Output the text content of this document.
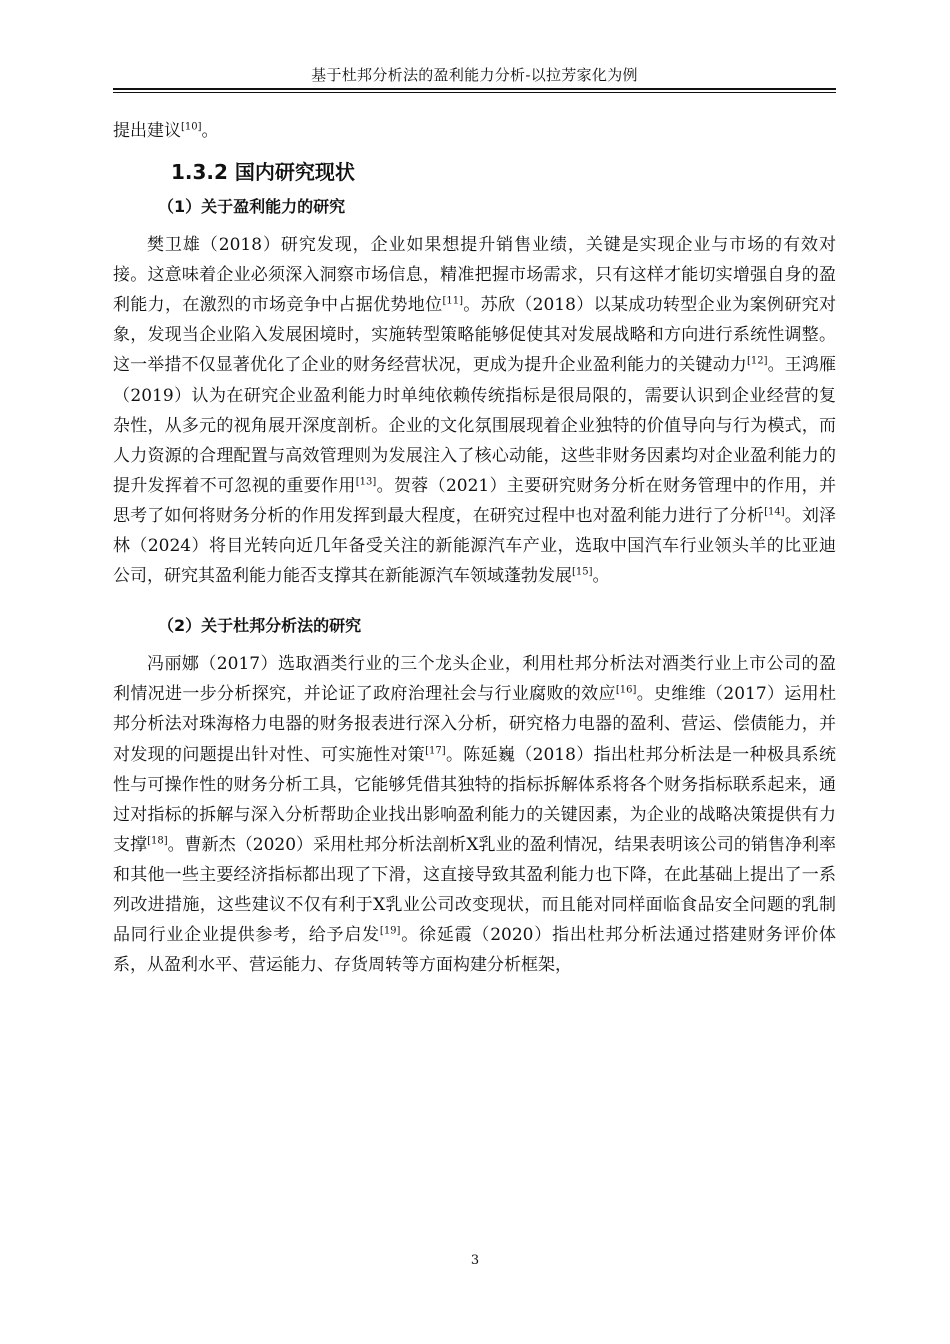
基于杜邦分析法的盈利能力分析-以拉芳家化为例

提出建议[10]。

1.3.2 国内研究现状
（1）关于盈利能力的研究

樊卫雄（2018）研究发现，企业如果想提升销售业绩，关键是实现企业与市场的有效对接。这意味着企业必须深入洞察市场信息，精准把握市场需求，只有这样才能切实增强自身的盈利能力，在激烈的市场竞争中占据优势地位[11]。苏欣（2018）以某成功转型企业为案例研究对象，发现当企业陷入发展困境时，实施转型策略能够促使其对发展战略和方向进行系统性调整。这一举措不仅显著优化了企业的财务经营状况，更成为提升企业盈利能力的关键动力[12]。王鸿雁（2019）认为在研究企业盈利能力时单纯依赖传统指标是很局限的，需要认识到企业经营的复杂性，从多元的视角展开深度剖析。企业的文化氛围展现着企业独特的价值导向与行为模式，而人力资源的合理配置与高效管理则为发展注入了核心动能，这些非财务因素均对企业盈利能力的提升发挥着不可忽视的重要作用[13]。贺蓉（2021）主要研究财务分析在财务管理中的作用，并思考了如何将财务分析的作用发挥到最大程度，在研究过程中也对盈利能力进行了分析[14]。刘泽林（2024）将目光转向近几年备受关注的新能源汽车产业，选取中国汽车行业领头羊的比亚迪公司，研究其盈利能力能否支撑其在新能源汽车领域蓬勃发展[15]。

（2）关于杜邦分析法的研究

冯丽娜（2017）选取酒类行业的三个龙头企业，利用杜邦分析法对酒类行业上市公司的盈利情况进一步分析探究，并论证了政府治理社会与行业腐败的效应[16]。史维维（2017）运用杜邦分析法对珠海格力电器的财务报表进行深入分析，研究格力电器的盈利、营运、偿债能力，并对发现的问题提出针对性、可实施性对策[17]。陈延巍（2018）指出杜邦分析法是一种极具系统性与可操作性的财务分析工具，它能够凭借其独特的指标拆解体系将各个财务指标联系起来，通过对指标的拆解与深入分析帮助企业找出影响盈利能力的关键因素，为企业的战略决策提供有力支撑[18]。曹新杰（2020）采用杜邦分析法剖析X乳业的盈利情况，结果表明该公司的销售净利率和其他一些主要经济指标都出现了下滑，这直接导致其盈利能力也下降，在此基础上提出了一系列改进措施，这些建议不仅有利于X乳业公司改变现状，而且能对同样面临食品安全问题的乳制品同行业企业提供参考，给予启发[19]。徐延霞（2020）指出杜邦分析法通过搭建财务评价体系，从盈利水平、营运能力、存货周转等方面构建分析框架，

3
